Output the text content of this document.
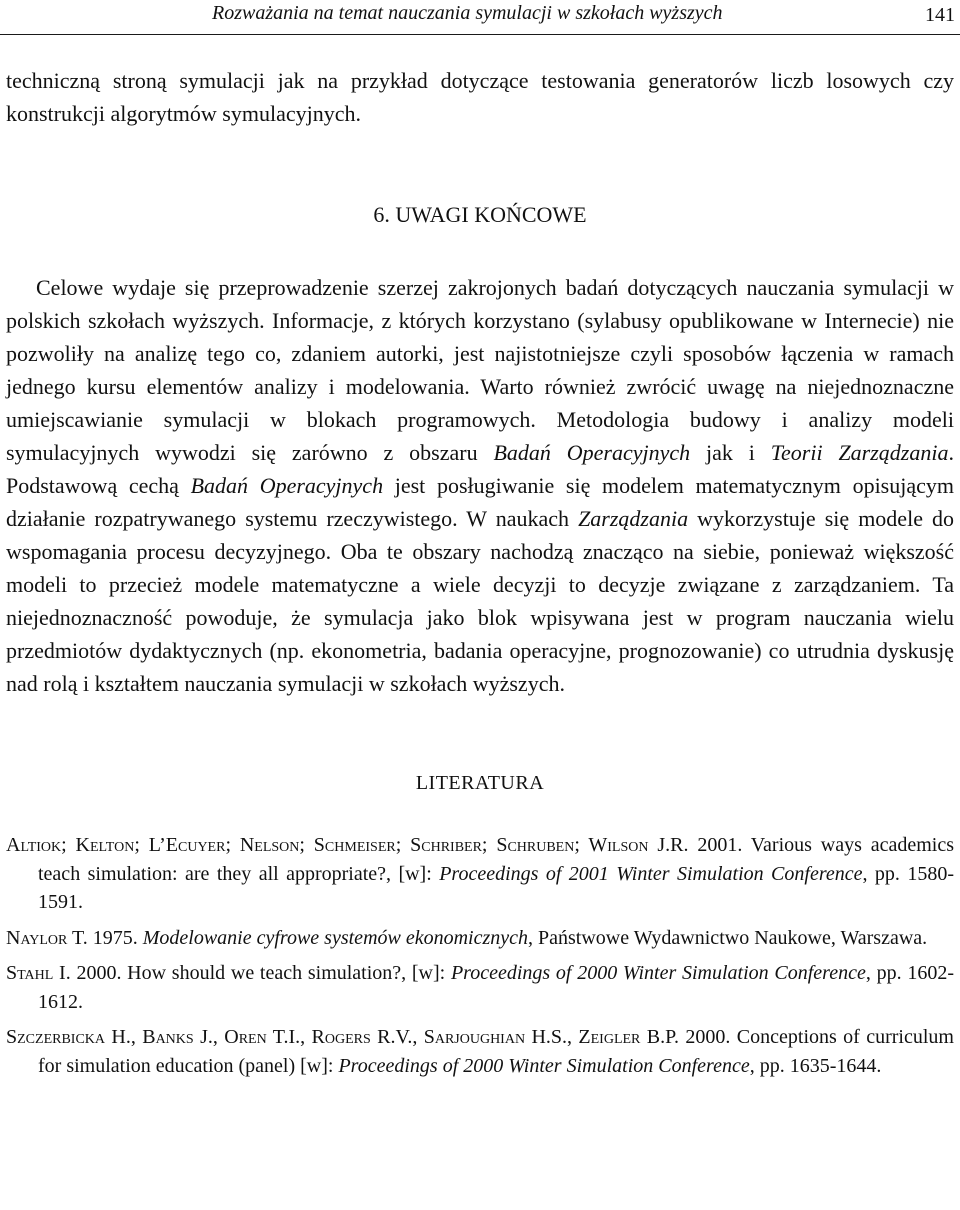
Rozważania na temat nauczania symulacji w szkołach wyższych	141

techniczną stroną symulacji jak na przykład dotyczące testowania generatorów liczb losowych czy konstrukcji algorytmów symulacyjnych.

6. UWAGI KOŃCOWE

Celowe wydaje się przeprowadzenie szerzej zakrojonych badań dotyczących nauczania symulacji w polskich szkołach wyższych. Informacje, z których korzystano (sylabusy opublikowane w Internecie) nie pozwoliły na analizę tego co, zdaniem autorki, jest najistotniejsze czyli sposobów łączenia w ramach jednego kursu elementów analizy i modelowania. Warto również zwrócić uwagę na niejednoznaczne umiejscawianie symulacji w blokach programowych. Metodologia budowy i analizy modeli symulacyjnych wywodzi się zarówno z obszaru Badań Operacyjnych jak i Teorii Zarządzania. Podstawową cechą Badań Operacyjnych jest posługiwanie się modelem matematycznym opisującym działanie rozpatrywanego systemu rzeczywistego. W naukach Zarządzania wykorzystuje się modele do wspomagania procesu decyzyjnego. Oba te obszary nachodzą znacząco na siebie, ponieważ większość modeli to przecież modele matematyczne a wiele decyzji to decyzje związane z zarządzaniem. Ta niejednoznaczność powoduje, że symulacja jako blok wpisywana jest w program nauczania wielu przedmiotów dydaktycznych (np. ekonometria, badania operacyjne, prognozowanie) co utrudnia dyskusję nad rolą i kształtem nauczania symulacji w szkołach wyższych.

LITERATURA

Altiok; Kelton; L’Ecuyer; Nelson; Schmeiser; Schriber; Schruben; Wilson J.R. 2001. Various ways academics teach simulation: are they all appropriate?, [w]: Proceedings of 2001 Winter Simulation Conference, pp. 1580-1591.

Naylor T. 1975. Modelowanie cyfrowe systemów ekonomicznych, Państwowe Wydawnictwo Naukowe, Warszawa.

Stahl I. 2000. How should we teach simulation?, [w]: Proceedings of 2000 Winter Simulation Conference, pp. 1602-1612.

Szczerbicka H., Banks J., Oren T.I., Rogers R.V., Sarjoughian H.S., Zeigler B.P. 2000. Conceptions of curriculum for simulation education (panel) [w]: Proceedings of 2000 Winter Simulation Conference, pp. 1635-1644.
